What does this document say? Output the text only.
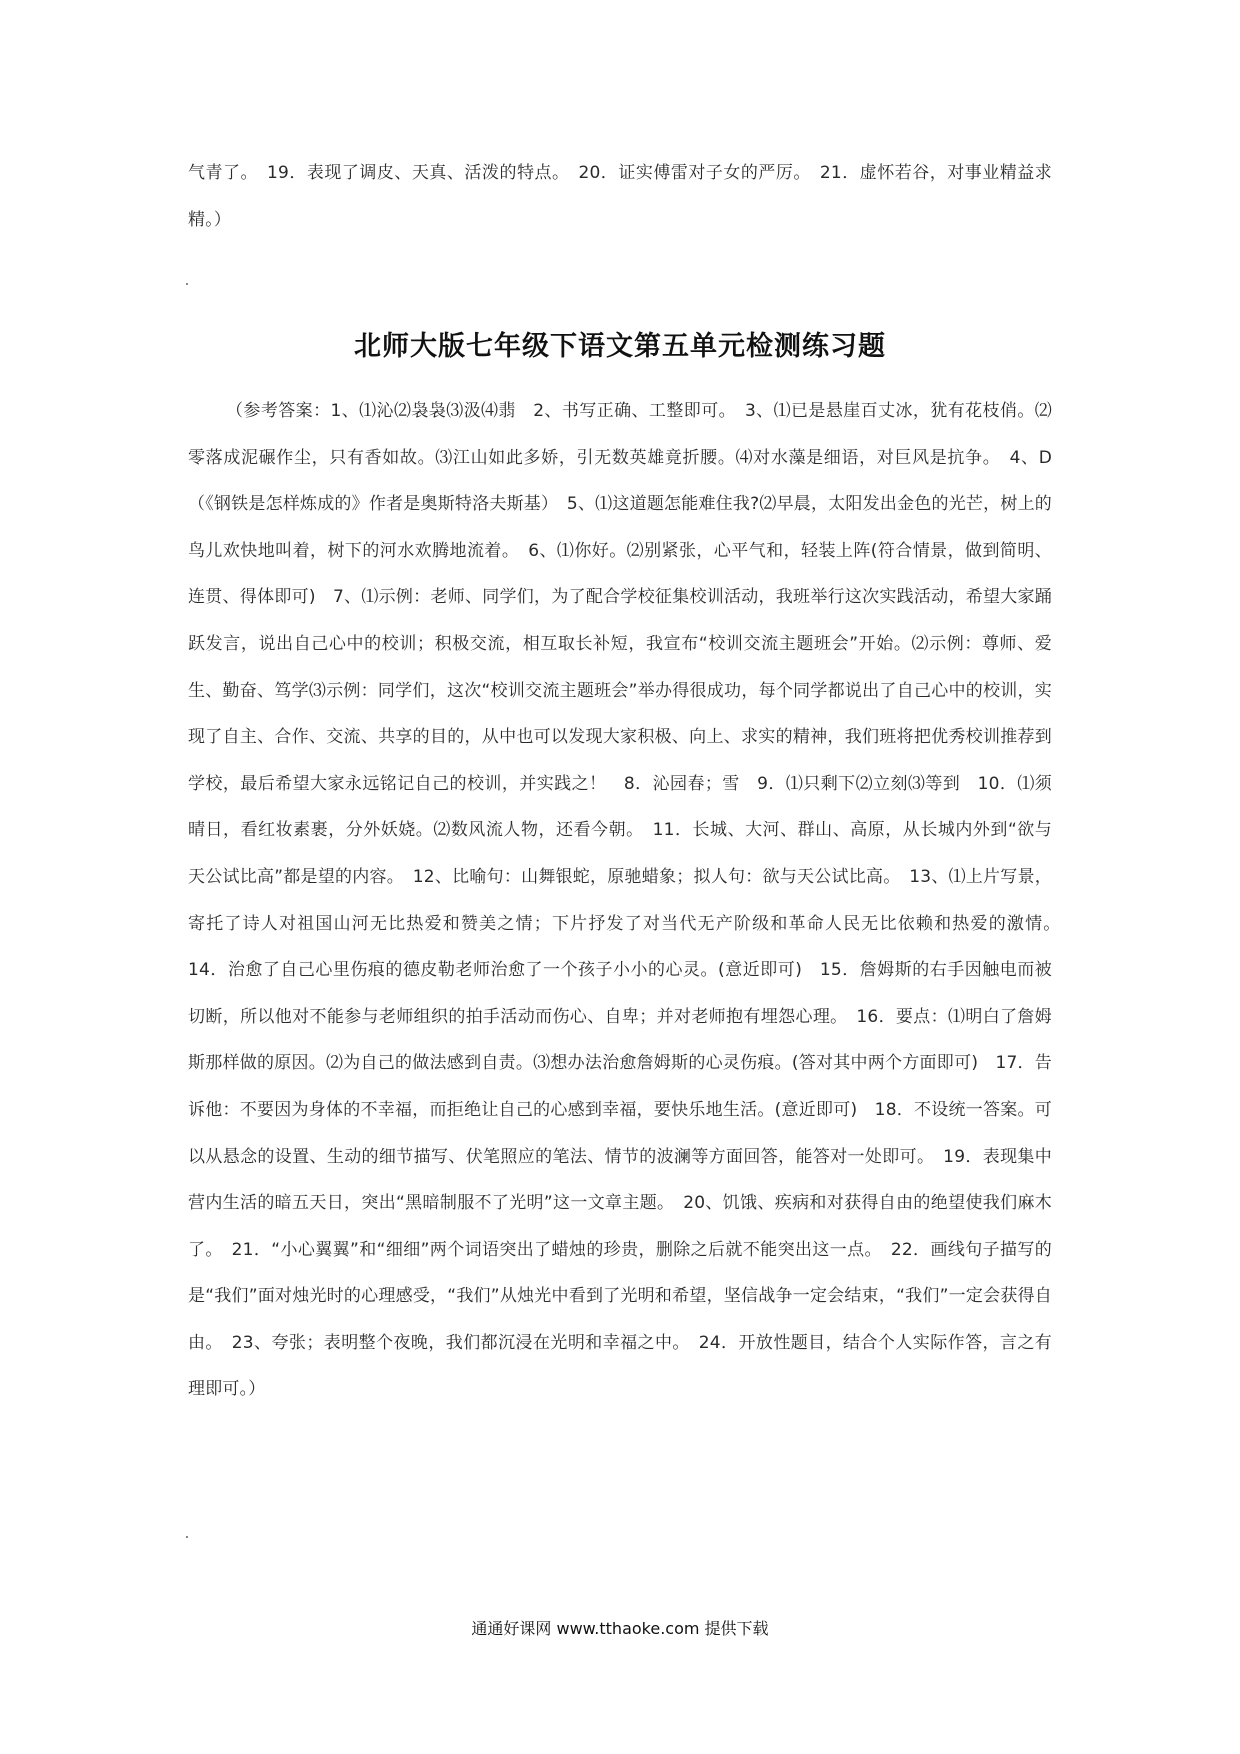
气青了。　19．表现了调皮、天真、活泼的特点。　20．证实傅雷对子女的严厉。　21．虚怀若谷，对事业精益求精。）
北师大版七年级下语文第五单元检测练习题
（参考答案：1、⑴沁⑵袅袅⑶汲⑷翡　2、书写正确、工整即可。　3、⑴已是悬崖百丈冰，犹有花枝俏。⑵零落成泥碾作尘，只有香如故。⑶江山如此多娇，引无数英雄竟折腰。⑷对水藻是细语，对巨风是抗争。　4、D（《钢铁是怎样炼成的》作者是奥斯特洛夫斯基）　5、⑴这道题怎能难住我?⑵早晨，太阳发出金色的光芒，树上的鸟儿欢快地叫着，树下的河水欢腾地流着。　6、⑴你好。⑵别紧张，心平气和，轻装上阵(符合情景，做到简明、连贯、得体即可)　7、⑴示例：老师、同学们，为了配合学校征集校训活动，我班举行这次实践活动，希望大家踊跃发言，说出自己心中的校训；积极交流，相互取长补短，我宣布“校训交流主题班会”开始。⑵示例：尊师、爱生、勤奋、笃学⑶示例：同学们，这次“校训交流主题班会”举办得很成功，每个同学都说出了自己心中的校训，实现了自主、合作、交流、共享的目的，从中也可以发现大家积极、向上、求实的精神，我们班将把优秀校训推荐到学校，最后希望大家永远铭记自己的校训，并实践之！　8．沁园春；雪　9．⑴只剩下⑵立刻⑶等到　10．⑴须晴日，看红妆素裹，分外妖娆。⑵数风流人物，还看今朝。　11．长城、大河、群山、高原，从长城内外到“欲与天公试比高”都是望的内容。　12、比喻句：山舞银蛇，原驰蜡象；拟人句：欲与天公试比高。　13、⑴上片写景，寄托了诗人对祖国山河无比热爱和赞美之情；下片抒发了对当代无产阶级和革命人民无比依赖和热爱的激情。　14．治愈了自己心里伤痕的德皮勒老师治愈了一个孩子小小的心灵。(意近即可)　15．詹姆斯的右手因触电而被切断，所以他对不能参与老师组织的拍手活动而伤心、自卑；并对老师抱有埋怨心理。　16．要点：⑴明白了詹姆斯那样做的原因。⑵为自己的做法感到自责。⑶想办法治愈詹姆斯的心灵伤痕。(答对其中两个方面即可)　17．告诉他：不要因为身体的不幸福，而拒绝让自己的心感到幸福，要快乐地生活。(意近即可)　18．不设统一答案。可以从悬念的设置、生动的细节描写、伏笔照应的笔法、情节的波澜等方面回答，能答对一处即可。　19．表现集中营内生活的暗五天日，突出“黑暗制服不了光明”这一文章主题。　20、饥饿、疾病和对获得自由的绝望使我们麻木了。　21．“小心翼翼”和“细细”两个词语突出了蜡烛的珍贵，删除之后就不能突出这一点。　22．画线句子描写的是“我们”面对烛光时的心理感受，“我们”从烛光中看到了光明和希望，坚信战争一定会结束，“我们”一定会获得自由。　23、夸张；表明整个夜晚，我们都沉浸在光明和幸福之中。　24．开放性题目，结合个人实际作答，言之有理即可。）
通通好课网 www.tthaoke.com 提供下载
